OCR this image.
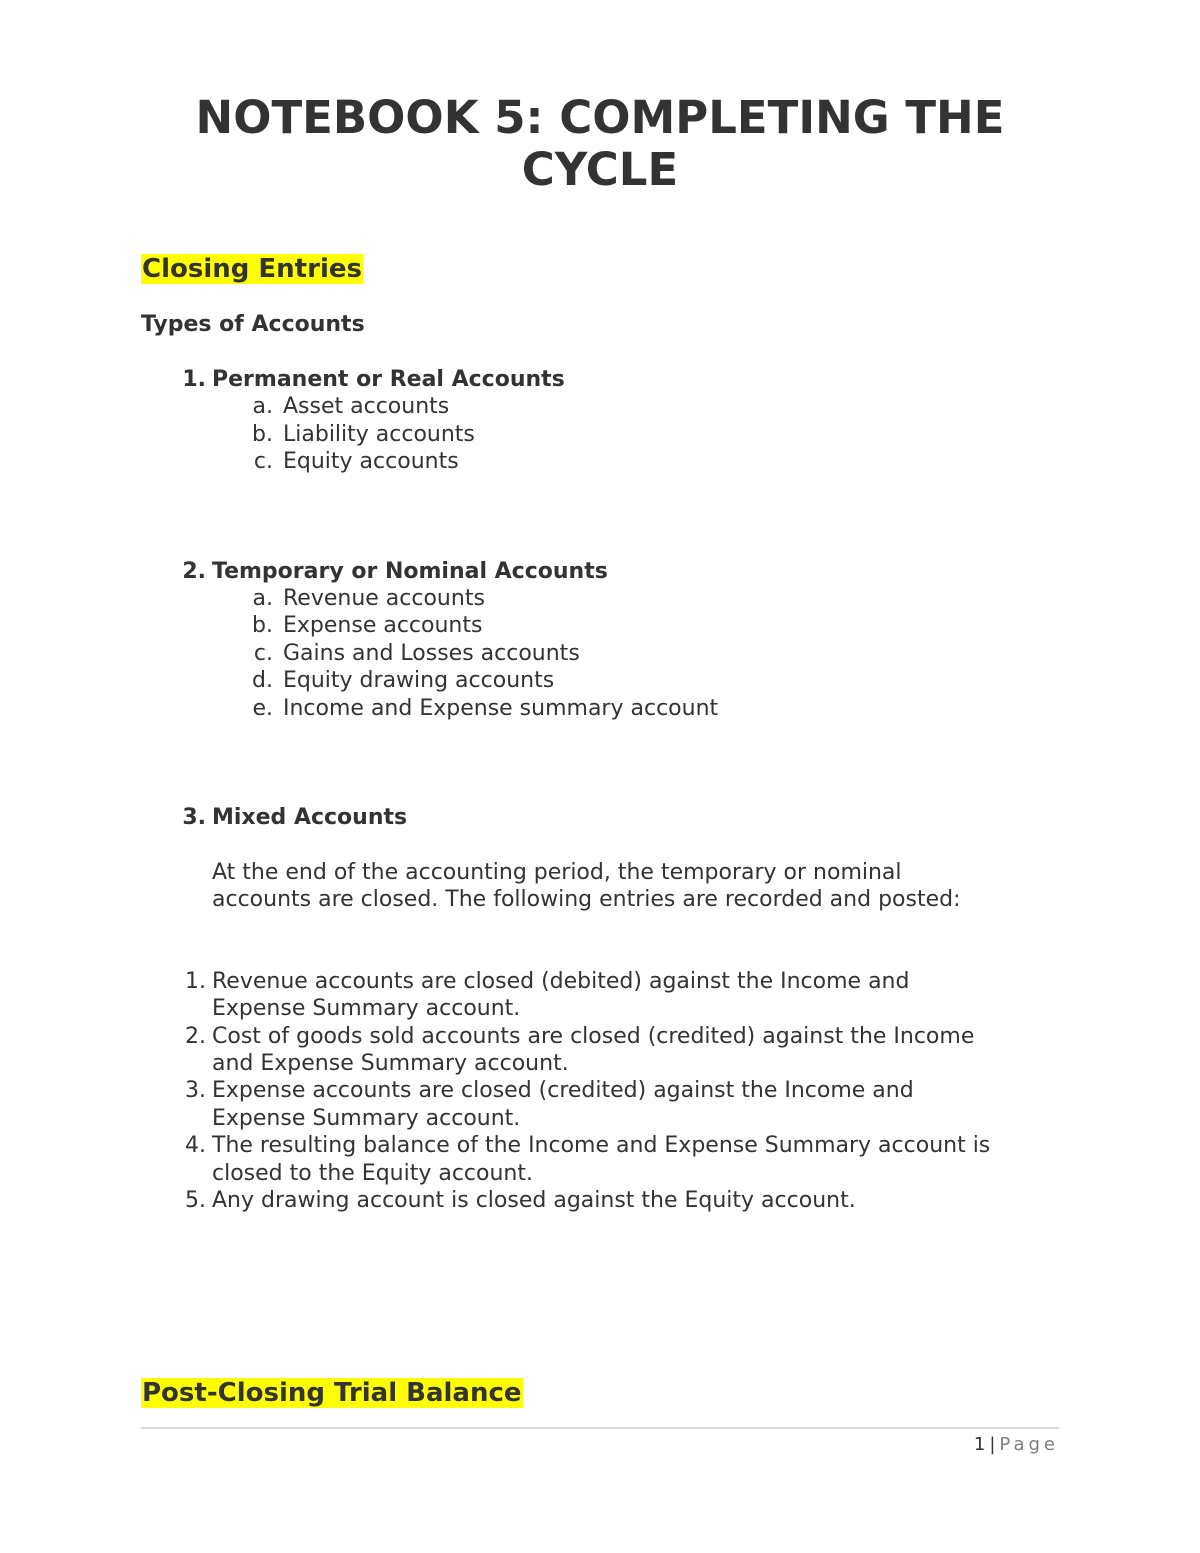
NOTEBOOK 5: COMPLETING THE
CYCLE
Closing Entries
Types of Accounts
1. Permanent or Real Accounts
a. Asset accounts
b. Liability accounts
c. Equity accounts
2. Temporary or Nominal Accounts
a. Revenue accounts
b. Expense accounts
c. Gains and Losses accounts
d. Equity drawing accounts
e. Income and Expense summary account
3. Mixed Accounts
At the end of the accounting period, the temporary or nominal
accounts are closed. The following entries are recorded and posted:
1. Revenue accounts are closed (debited) against the Income and
Expense Summary account.
2. Cost of goods sold accounts are closed (credited) against the Income
and Expense Summary account.
3. Expense accounts are closed (credited) against the Income and
Expense Summary account.
4. The resulting balance of the Income and Expense Summary account is
closed to the Equity account.
5. Any drawing account is closed against the Equity account.
Post-Closing Trial Balance
1 | Page
